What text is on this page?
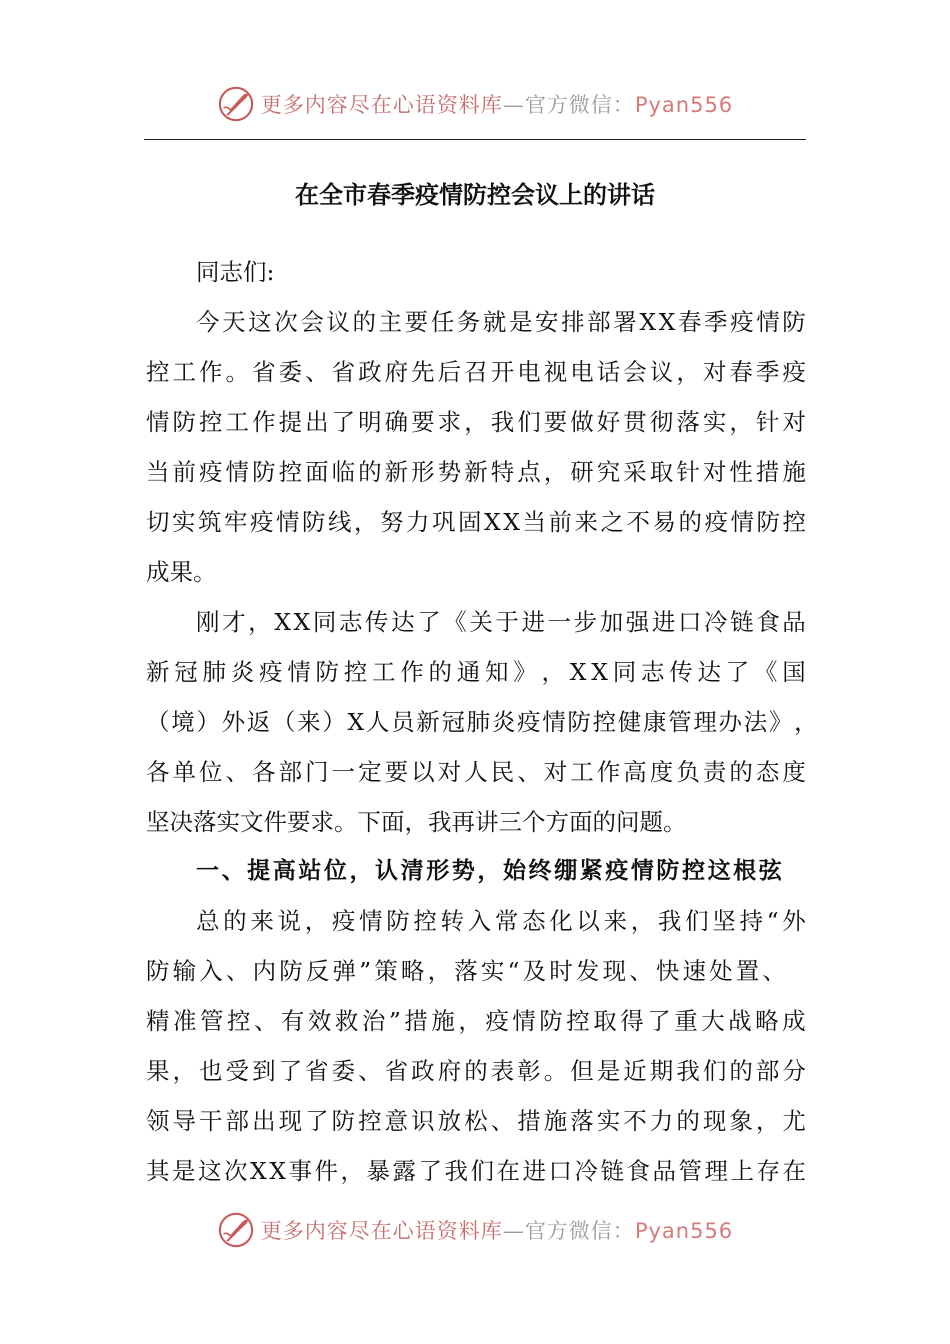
更多内容尽在心语资料库—官方微信：Pyan556
在全市春季疫情防控会议上的讲话
同志们:
今 天 这 次 会 议 的 主 要 任 务 就 是 安 排 部 署 X X 春 季 疫 情 防
控 工 作 。 省 委 、 省 政 府 先 后 召 开 电 视 电 话 会 议 ， 对 春 季 疫
情 防 控 工 作 提 出 了 明 确 要 求 ， 我 们 要 做 好 贯 彻 落 实 ， 针 对
当 前 疫 情 防 控 面 临 的 新 形 势 新 特 点 ， 研 究 采 取 针 对 性 措 施
切 实 筑 牢 疫 情 防 线 ， 努 力 巩 固 X X 当 前 来 之 不 易 的 疫 情 防 控
成果。
刚 才 ， X X 同 志 传 达 了 《 关 于 进 一 步 加 强 进 口 冷 链 食 品
新 冠 肺 炎 疫 情 防 控 工 作 的 通 知 》 ， X X 同 志 传 达 了 《 国
（ 境 ） 外 返 （ 来 ） X 人 员 新 冠 肺 炎 疫 情 防 控 健 康 管 理 办 法 》 ，
各 单 位 、 各 部 门 一 定 要 以 对 人 民 、 对 工 作 高 度 负 责 的 态 度
坚决落实文件要求。下面，我再讲三个方面的问题。
一 、 提 高 站 位 ， 认 清 形 势 ， 始 终 绷 紧 疫 情 防 控 这 根 弦
总 的 来 说 ， 疫 情 防 控 转 入 常 态 化 以 来 ， 我 们 坚 持 “ 外
防 输 入 、 内 防 反 弹 ” 策 略 ， 落 实 “ 及 时 发 现 、 快 速 处 置 、
精 准 管 控 、 有 效 救 治 ” 措 施 ， 疫 情 防 控 取 得 了 重 大 战 略 成
果 ， 也 受 到 了 省 委 、 省 政 府 的 表 彰 。 但 是 近 期 我 们 的 部 分
领 导 干 部 出 现 了 防 控 意 识 放 松 、 措 施 落 实 不 力 的 现 象 ， 尤
其 是 这 次 X X 事 件 ， 暴 露 了 我 们 在 进 口 冷 链 食 品 管 理 上 存 在
更多内容尽在心语资料库—官方微信：Pyan556
